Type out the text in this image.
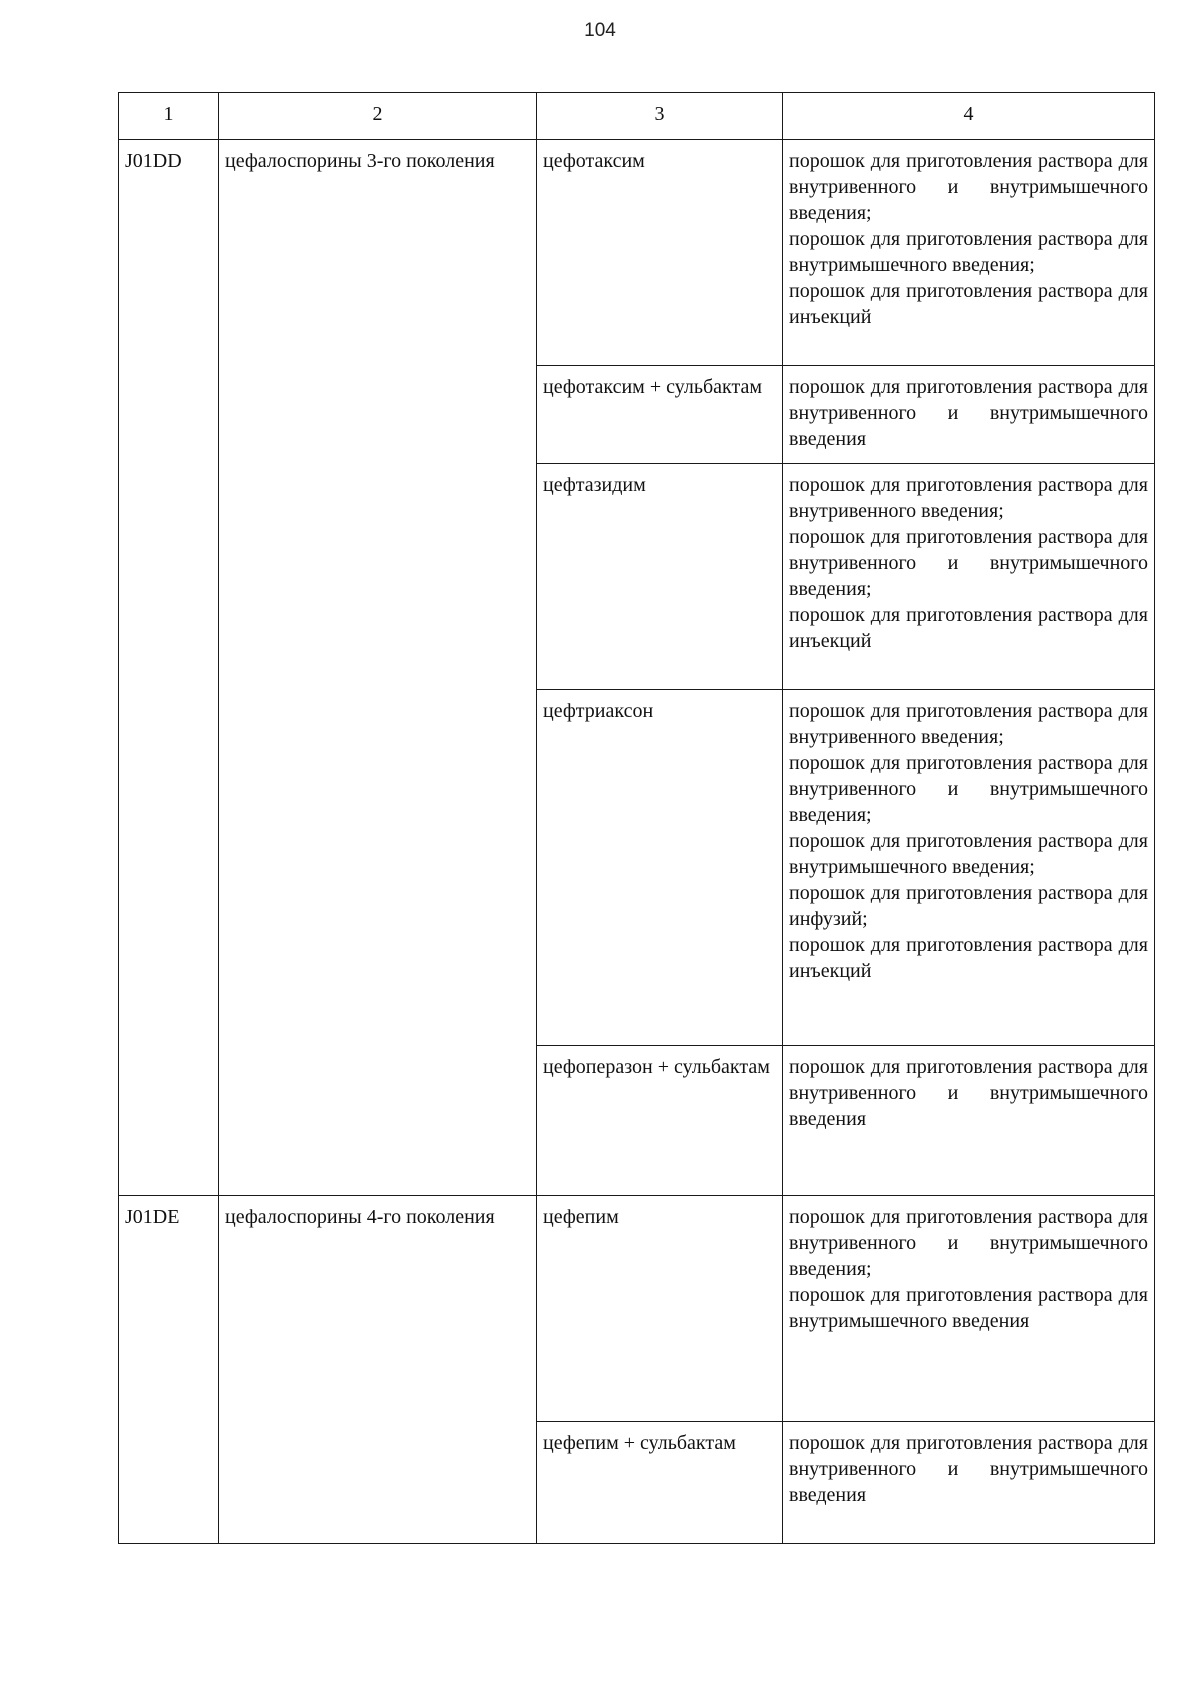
104
1	2	3	4
J01DD	цефалоспорины 3-го поколения	цефотаксим	порошок для приготовления раствора для внутривенного и внутримышечного введения;
порошок для приготовления раствора для внутримышечного введения;
порошок для приготовления раствора для инъекций

		цефотаксим + сульбактам	порошок для приготовления раствора для внутривенного и внутримышечного введения

		цефтазидим	порошок для приготовления раствора для внутривенного введения;
порошок для приготовления раствора для внутривенного и внутримышечного введения;
порошок для приготовления раствора для инъекций

		цефтриаксон	порошок для приготовления раствора для внутривенного введения;
порошок для приготовления раствора для внутривенного и внутримышечного введения;
порошок для приготовления раствора для внутримышечного введения;
порошок для приготовления раствора для инфузий;
порошок для приготовления раствора для инъекций

		цефоперазон + сульбактам	порошок для приготовления раствора для внутривенного и внутримышечного введения

J01DE	цефалоспорины 4-го поколения	цефепим	порошок для приготовления раствора для внутривенного и внутримышечного введения;
порошок для приготовления раствора для внутримышечного введения

		цефепим + сульбактам	порошок для приготовления раствора для внутривенного и внутримышечного введения
